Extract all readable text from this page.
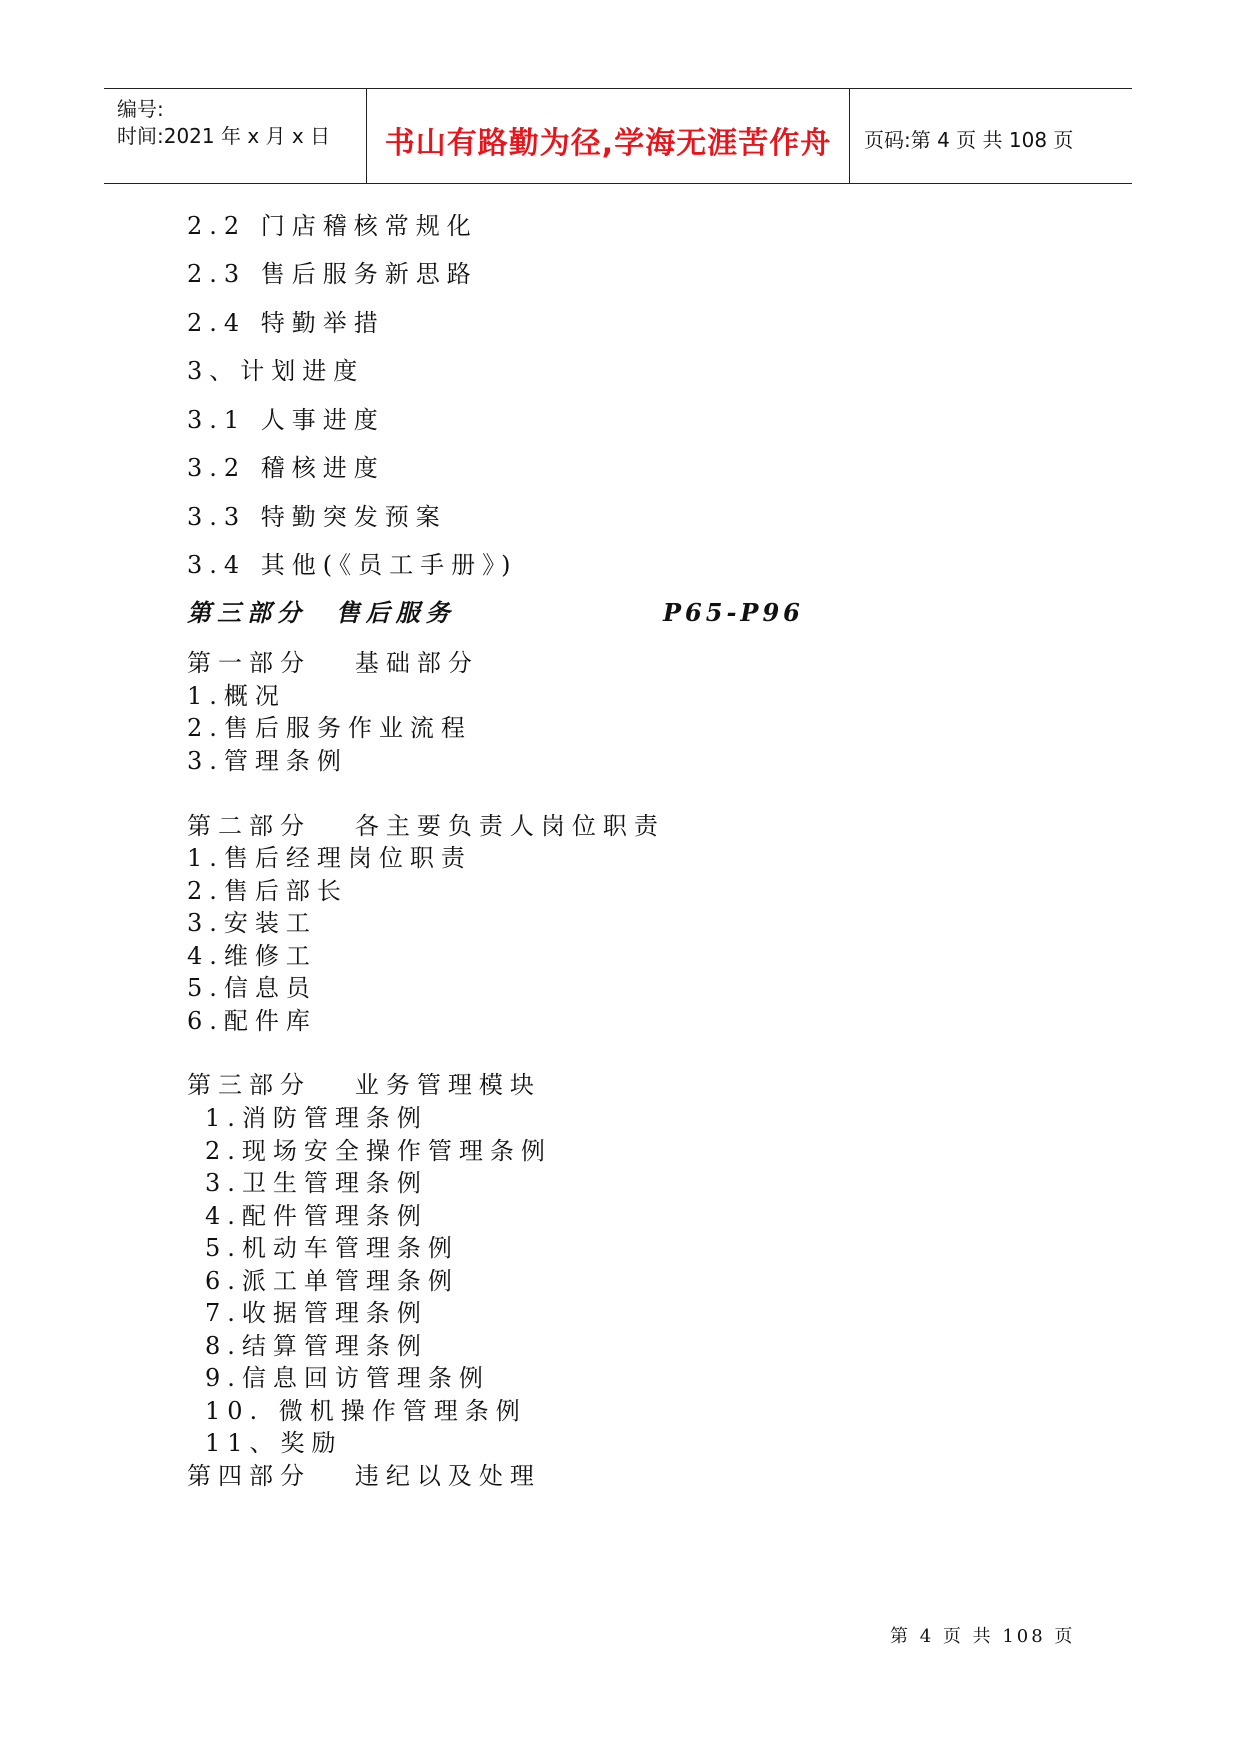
编号:
时间:2021 年 x 月 x 日	书山有路勤为径,学海无涯苦作舟	页码:第 4 页 共 108 页
2.2 门店稽核常规化
2.3 售后服务新思路
2.4 特勤举措
3、计划进度
3.1 人事进度
3.2 稽核进度
3.3 特勤突发预案
3.4 其他(《员工手册》)
第三部分  售后服务	P65-P96
第一部分   基础部分
1.概况
2.售后服务作业流程
3.管理条例
第二部分   各主要负责人岗位职责
1.售后经理岗位职责
2.售后部长
3.安装工
4.维修工
5.信息员
6.配件库
第三部分   业务管理模块
1.消防管理条例
2.现场安全操作管理条例
3.卫生管理条例
4.配件管理条例
5.机动车管理条例
6.派工单管理条例
7.收据管理条例
8.结算管理条例
9.信息回访管理条例
10. 微机操作管理条例
11、奖励
第四部分   违纪以及处理
第 4 页 共 108 页
